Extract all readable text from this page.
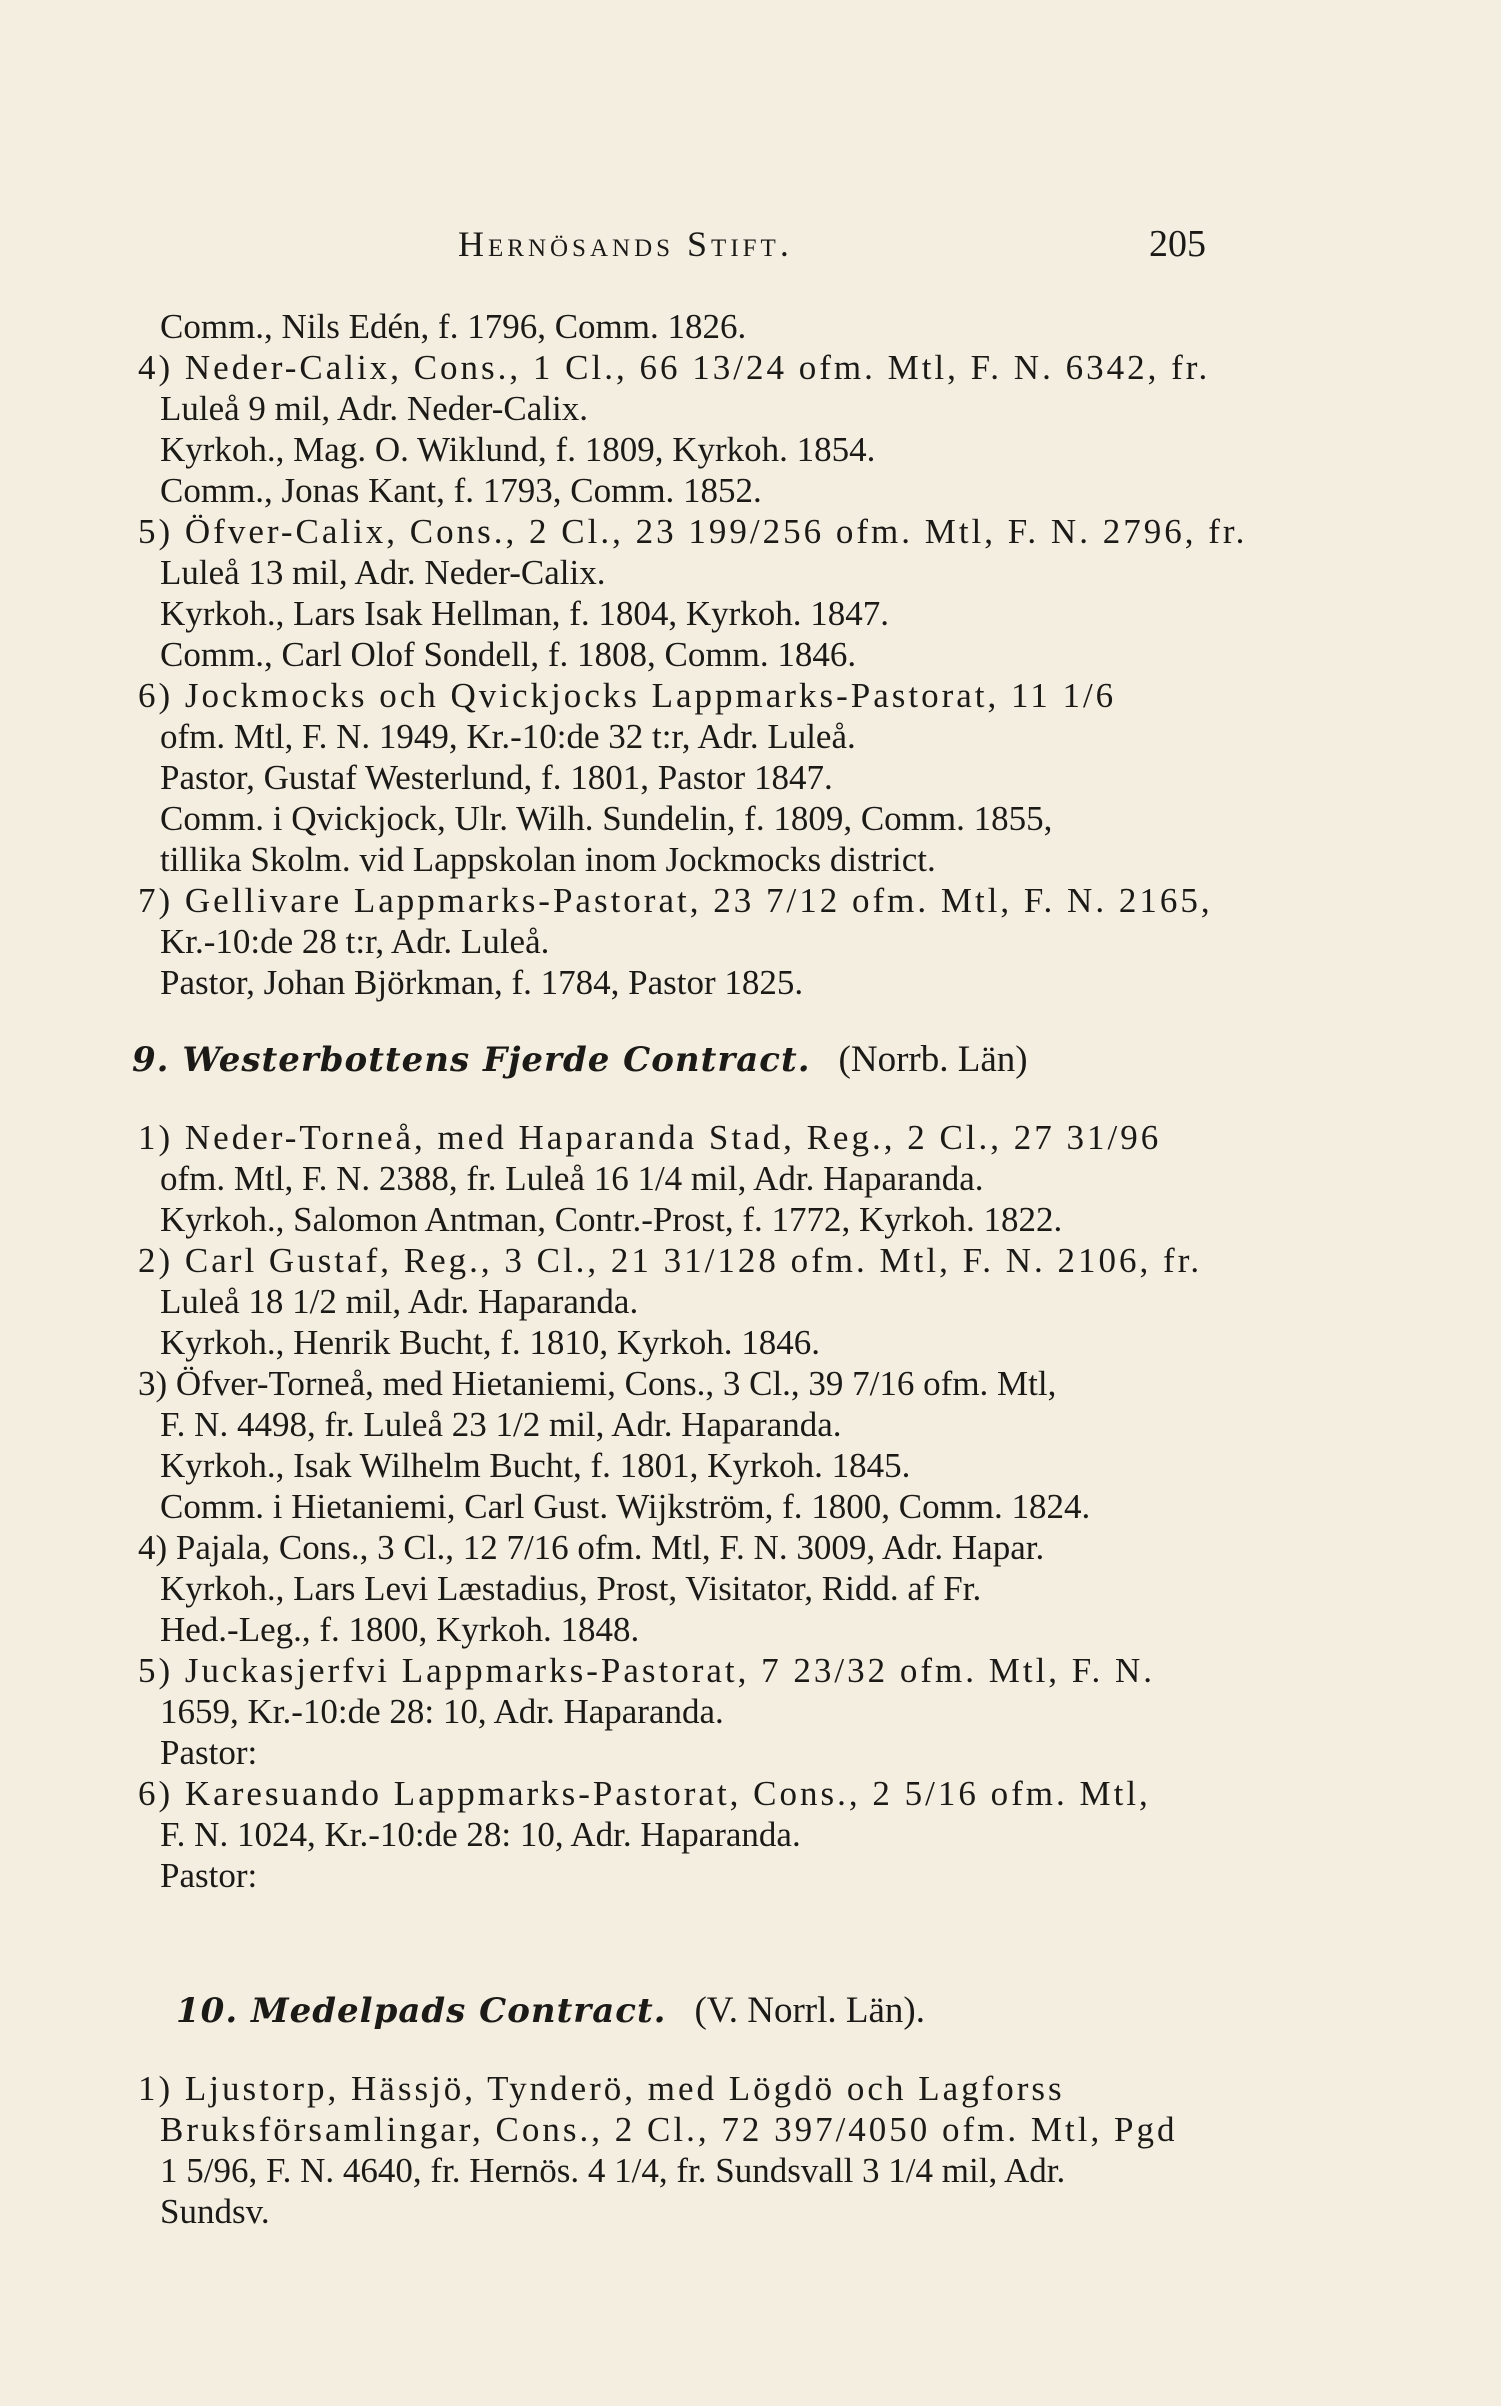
Hernösands Stift.	205
Comm., Nils Edén, f. 1796, Comm. 1826.
4) Neder-Calix, Cons., 1 Cl., 66 13/24 ofm. Mtl, F. N. 6342, fr.
Luleå 9 mil, Adr. Neder-Calix.
Kyrkoh., Mag. O. Wiklund, f. 1809, Kyrkoh. 1854.
Comm., Jonas Kant, f. 1793, Comm. 1852.
5) Öfver-Calix, Cons., 2 Cl., 23 199/256 ofm. Mtl, F. N. 2796, fr.
Luleå 13 mil, Adr. Neder-Calix.
Kyrkoh., Lars Isak Hellman, f. 1804, Kyrkoh. 1847.
Comm., Carl Olof Sondell, f. 1808, Comm. 1846.
6) Jockmocks och Qvickjocks Lappmarks-Pastorat, 11 1/6
ofm. Mtl, F. N. 1949, Kr.-10:de 32 t:r, Adr. Luleå.
Pastor, Gustaf Westerlund, f. 1801, Pastor 1847.
Comm. i Qvickjock, Ulr. Wilh. Sundelin, f. 1809, Comm. 1855,
tillika Skolm. vid Lappskolan inom Jockmocks district.
7) Gellivare Lappmarks-Pastorat, 23 7/12 ofm. Mtl, F. N. 2165,
Kr.-10:de 28 t:r, Adr. Luleå.
Pastor, Johan Björkman, f. 1784, Pastor 1825.
9. Westerbottens Fjerde Contract. (Norrb. Län)
1) Neder-Torneå, med Haparanda Stad, Reg., 2 Cl., 27 31/96
ofm. Mtl, F. N. 2388, fr. Luleå 16 1/4 mil, Adr. Haparanda.
Kyrkoh., Salomon Antman, Contr.-Prost, f. 1772, Kyrkoh. 1822.
2) Carl Gustaf, Reg., 3 Cl., 21 31/128 ofm. Mtl, F. N. 2106, fr.
Luleå 18 1/2 mil, Adr. Haparanda.
Kyrkoh., Henrik Bucht, f. 1810, Kyrkoh. 1846.
3) Öfver-Torneå, med Hietaniemi, Cons., 3 Cl., 39 7/16 ofm. Mtl,
F. N. 4498, fr. Luleå 23 1/2 mil, Adr. Haparanda.
Kyrkoh., Isak Wilhelm Bucht, f. 1801, Kyrkoh. 1845.
Comm. i Hietaniemi, Carl Gust. Wijkström, f. 1800, Comm. 1824.
4) Pajala, Cons., 3 Cl., 12 7/16 ofm. Mtl, F. N. 3009, Adr. Hapar.
Kyrkoh., Lars Levi Læstadius, Prost, Visitator, Ridd. af Fr.
Hed.-Leg., f. 1800, Kyrkoh. 1848.
5) Juckasjerfvi Lappmarks-Pastorat, 7 23/32 ofm. Mtl, F. N.
1659, Kr.-10:de 28: 10, Adr. Haparanda.
Pastor:
6) Karesuando Lappmarks-Pastorat, Cons., 2 5/16 ofm. Mtl,
F. N. 1024, Kr.-10:de 28: 10, Adr. Haparanda.
Pastor:
10. Medelpads Contract. (V. Norrl. Län).
1) Ljustorp, Hässjö, Tynderö, med Lögdö och Lagforss
Bruksförsamlingar, Cons., 2 Cl., 72 397/4050 ofm. Mtl, Pgd
1 5/96, F. N. 4640, fr. Hernös. 4 1/4, fr. Sundsvall 3 1/4 mil, Adr.
Sundsv.
